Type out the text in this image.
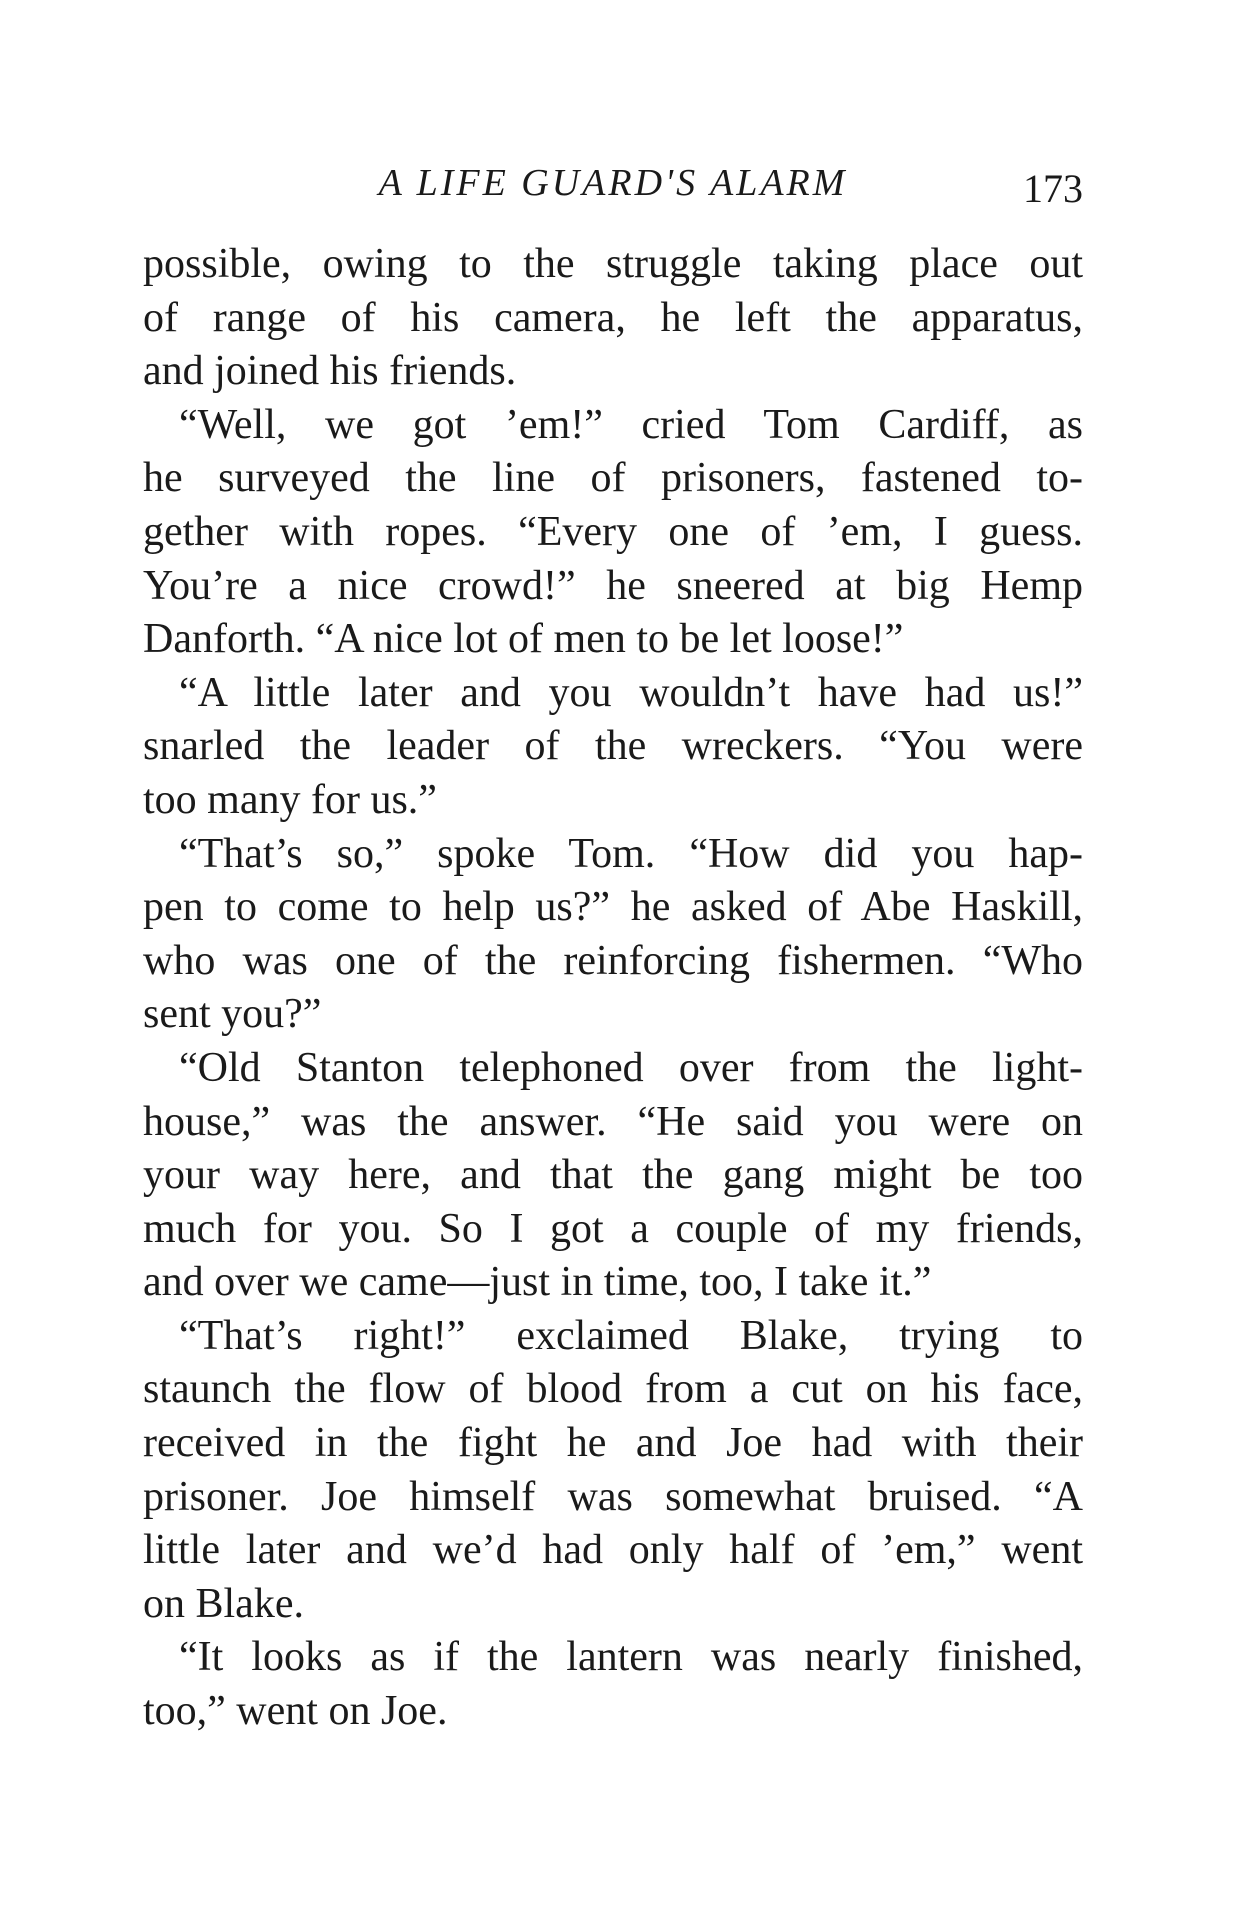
A LIFE GUARD'S ALARM	173
possible, owing to the struggle taking place out
of range of his camera, he left the apparatus,
and joined his friends.
“Well, we got ’em!” cried Tom Cardiff, as
he surveyed the line of prisoners, fastened to-
gether with ropes. “Every one of ’em, I guess.
You’re a nice crowd!” he sneered at big Hemp
Danforth. “A nice lot of men to be let loose!”
“A little later and you wouldn’t have had us!”
snarled the leader of the wreckers. “You were
too many for us.”
“That’s so,” spoke Tom. “How did you hap-
pen to come to help us?” he asked of Abe Haskill,
who was one of the reinforcing fishermen. “Who
sent you?”
“Old Stanton telephoned over from the light-
house,” was the answer. “He said you were on
your way here, and that the gang might be too
much for you. So I got a couple of my friends,
and over we came—just in time, too, I take it.”
“That’s right!” exclaimed Blake, trying to
staunch the flow of blood from a cut on his face,
received in the fight he and Joe had with their
prisoner. Joe himself was somewhat bruised. “A
little later and we’d had only half of ’em,” went
on Blake.
“It looks as if the lantern was nearly finished,
too,” went on Joe.
